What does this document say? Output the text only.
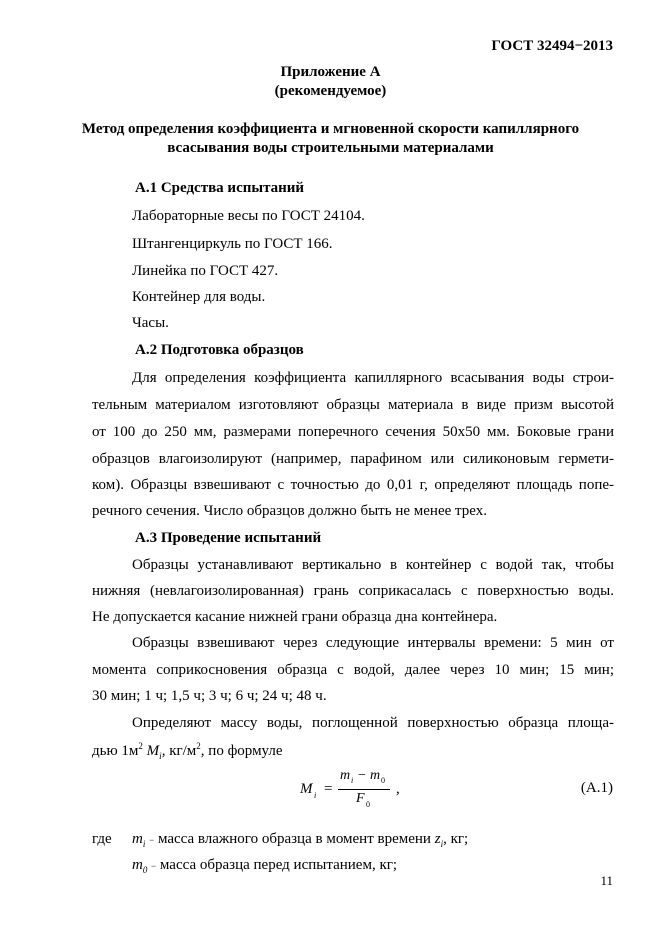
ГОСТ 32494−2013
Приложение А
(рекомендуемое)
Метод определения коэффициента и мгновенной скорости капиллярного
всасывания воды строительными материалами
А.1 Средства испытаний
Лабораторные весы по ГОСТ 24104.
Штангенциркуль по ГОСТ 166.
Линейка по ГОСТ 427.
Контейнер для воды.
Часы.
А.2 Подготовка образцов
Для определения коэффициента капиллярного всасывания воды строи-
тельным материалом изготовляют образцы материала в виде призм высотой
от 100 до 250 мм, размерами поперечного сечения 50х50 мм. Боковые грани
образцов влагоизолируют (например, парафином или силиконовым гермети-
ком). Образцы взвешивают с точностью до 0,01 г, определяют площадь попе-
речного сечения. Число образцов должно быть не менее трех.
А.3 Проведение испытаний
Образцы устанавливают вертикально в контейнер с водой так, чтобы
нижняя (невлагоизолированная) грань соприкасалась с поверхностью воды.
Не допускается касание нижней грани образца дна контейнера.
Образцы взвешивают через следующие интервалы времени: 5 мин от
момента соприкосновения образца с водой, далее через 10 мин; 15 мин;
30 мин; 1 ч; 1,5 ч; 3 ч; 6 ч; 24 ч; 48 ч.
Определяют массу воды, поглощенной поверхностью образца площа-
дью $1м^2$ $M_i$, $кг/м^2$, по формуле
M i =
m i − m 0
F 0
,	(А.1)
где $m_i$ − масса влажного образца в момент времени $z_i$, кг;
$m_0$ − масса образца перед испытанием, кг;
11
